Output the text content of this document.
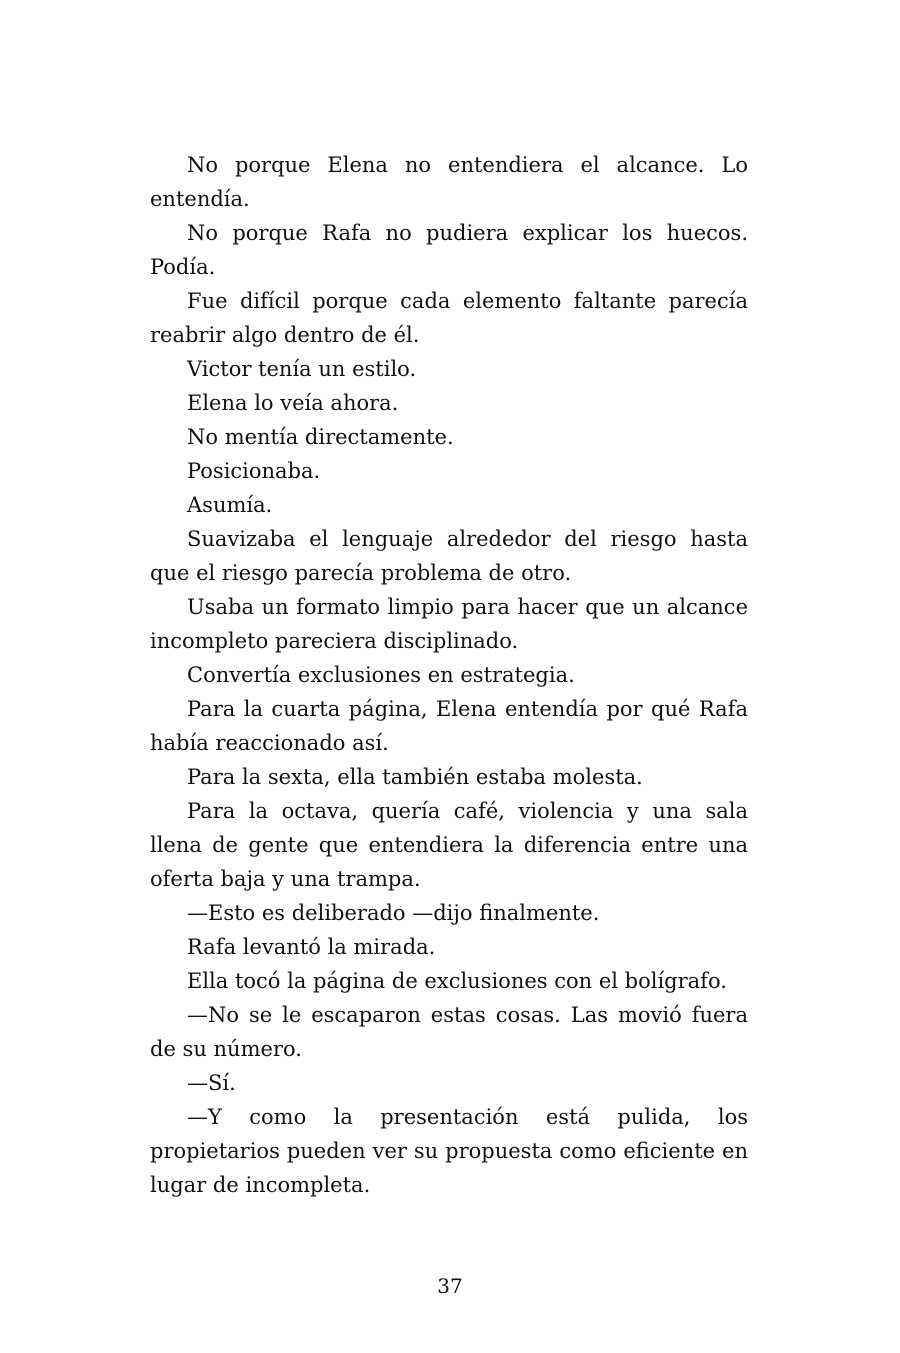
No porque Elena no entendiera el alcance. Lo entendía.

No porque Rafa no pudiera explicar los huecos. Podía.

Fue difícil porque cada elemento faltante parecía reabrir algo dentro de él.

Victor tenía un estilo.

Elena lo veía ahora.

No mentía directamente.

Posicionaba.

Asumía.

Suavizaba el lenguaje alrededor del riesgo hasta que el riesgo parecía problema de otro.

Usaba un formato limpio para hacer que un alcance incompleto pareciera disciplinado.

Convertía exclusiones en estrategia.

Para la cuarta página, Elena entendía por qué Rafa había reaccionado así.

Para la sexta, ella también estaba molesta.

Para la octava, quería café, violencia y una sala llena de gente que entendiera la diferencia entre una oferta baja y una trampa.

—Esto es deliberado —dijo finalmente.

Rafa levantó la mirada.

Ella tocó la página de exclusiones con el bolígrafo.

—No se le escaparon estas cosas. Las movió fuera de su número.

—Sí.

—Y como la presentación está pulida, los propietarios pueden ver su propuesta como eficiente en lugar de incompleta.

37
